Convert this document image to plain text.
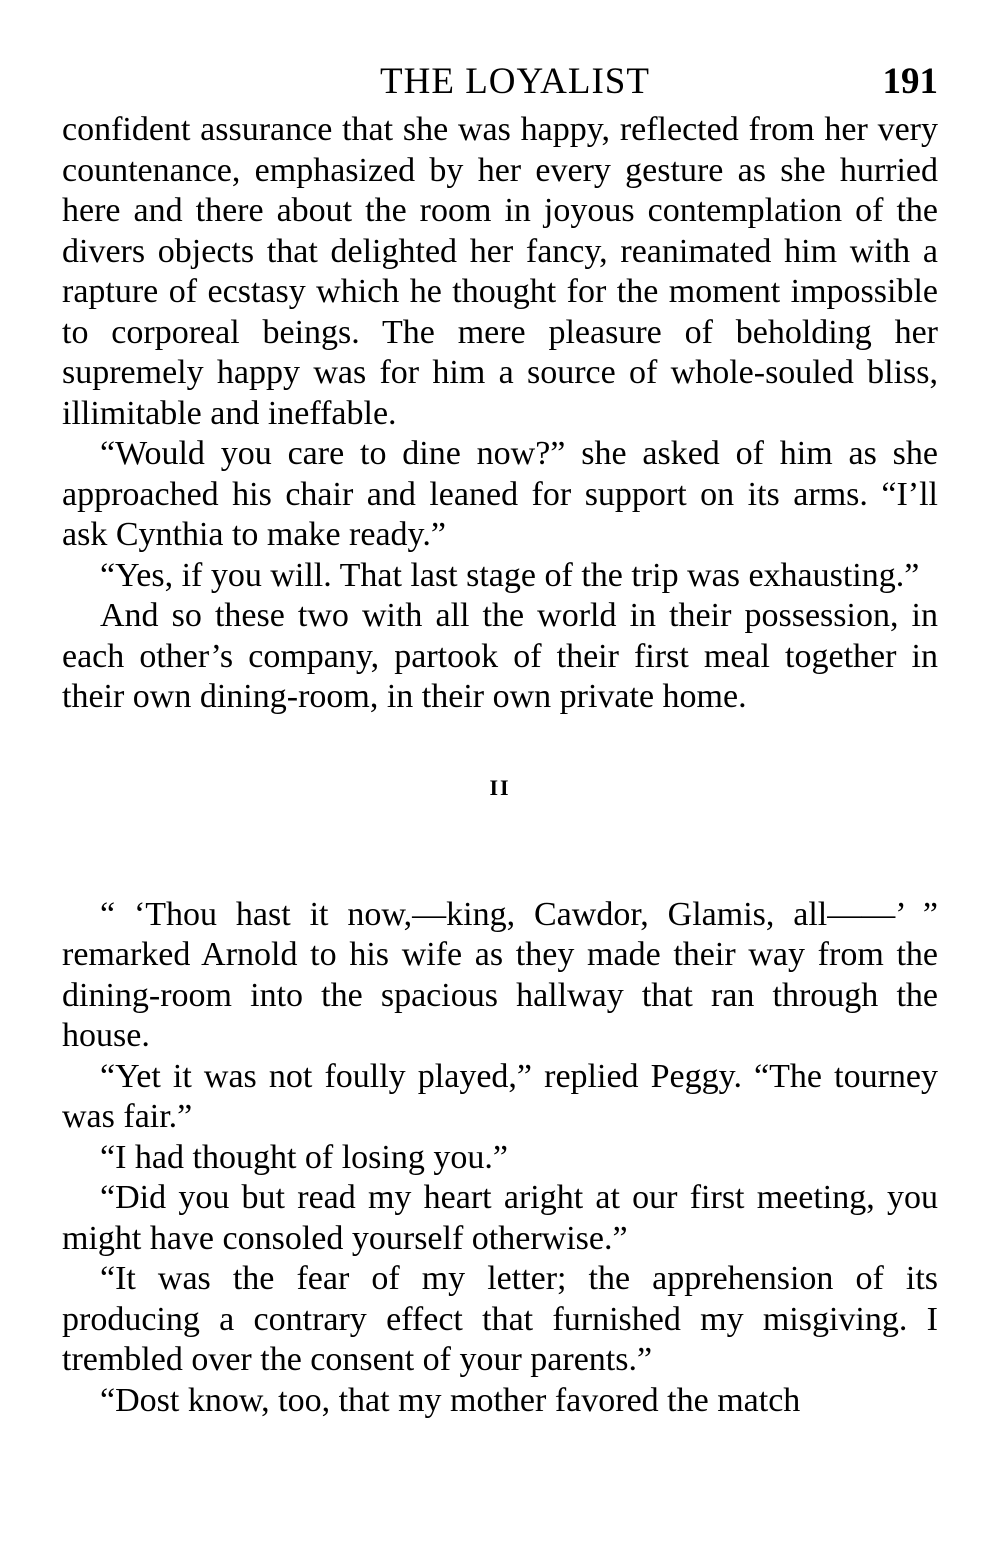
THE LOYALIST	191

confident assurance that she was happy, reflected from her very countenance, emphasized by her every gesture as she hurried here and there about the room in joyous contemplation of the divers objects that delighted her fancy, reanimated him with a rapture of ecstasy which he thought for the moment impossible to corporeal beings. The mere pleasure of beholding her supremely happy was for him a source of whole-souled bliss, illimitable and ineffable.

“Would you care to dine now?” she asked of him as she approached his chair and leaned for support on its arms. “I’ll ask Cynthia to make ready.”

“Yes, if you will. That last stage of the trip was exhausting.”

And so these two with all the world in their possession, in each other’s company, partook of their first meal together in their own dining-room, in their own private home.

II

“ ‘Thou hast it now,—king, Cawdor, Glamis, all——’ ” remarked Arnold to his wife as they made their way from the dining-room into the spacious hallway that ran through the house.

“Yet it was not foully played,” replied Peggy. “The tourney was fair.”

“I had thought of losing you.”

“Did you but read my heart aright at our first meeting, you might have consoled yourself otherwise.”

“It was the fear of my letter; the apprehension of its producing a contrary effect that furnished my misgiving. I trembled over the consent of your parents.”

“Dost know, too, that my mother favored the match
